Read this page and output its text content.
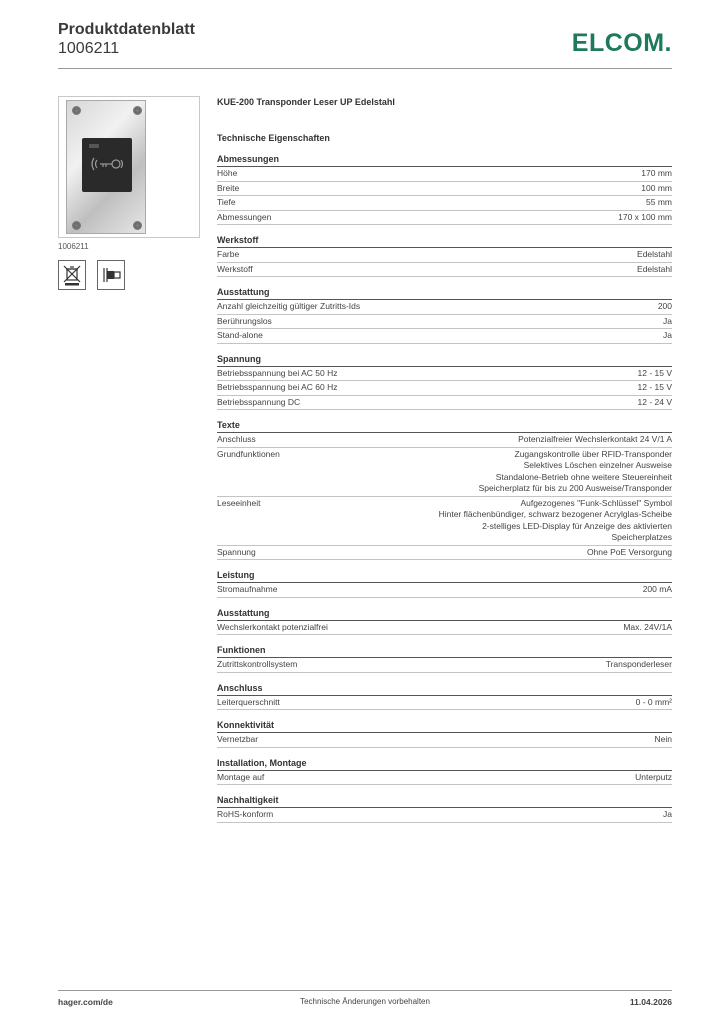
Produktdatenblatt
1006211	ELCOM.
1006211
KUE-200 Transponder Leser UP Edelstahl
Technische Eigenschaften
Abmessungen
Höhe	170 mm
Breite	100 mm
Tiefe	55 mm
Abmessungen	170 x 100 mm
Werkstoff
Farbe	Edelstahl
Werkstoff	Edelstahl
Ausstattung
Anzahl gleichzeitig gültiger Zutritts-Ids	200
Berührungslos	Ja
Stand-alone	Ja
Spannung
Betriebsspannung bei AC 50 Hz	12 - 15 V
Betriebsspannung bei AC 60 Hz	12 - 15 V
Betriebsspannung DC	12 - 24 V
Texte
Anschluss	Potenzialfreier Wechslerkontakt 24 V/1 A
Grundfunktionen	Zugangskontrolle über RFID-Transponder
Selektives Löschen einzelner Ausweise
Standalone-Betrieb ohne weitere Steuereinheit
Speicherplatz für bis zu 200 Ausweise/Transponder
Leseeinheit	Aufgezogenes "Funk-Schlüssel" Symbol
Hinter flächenbündiger, schwarz bezogener Acrylglas-Scheibe
2-stelliges LED-Display für Anzeige des aktivierten
Speicherplatzes
Spannung	Ohne PoE Versorgung
Leistung
Stromaufnahme	200 mA
Ausstattung
Wechslerkontakt potenzialfrei	Max. 24V/1A
Funktionen
Zutrittskontrollsystem	Transponderleser
Anschluss
Leiterquerschnitt	0 - 0 mm²
Konnektivität
Vernetzbar	Nein
Installation, Montage
Montage auf	Unterputz
Nachhaltigkeit
RoHS-konform	Ja
hager.com/de	Technische Änderungen vorbehalten	11.04.2026
